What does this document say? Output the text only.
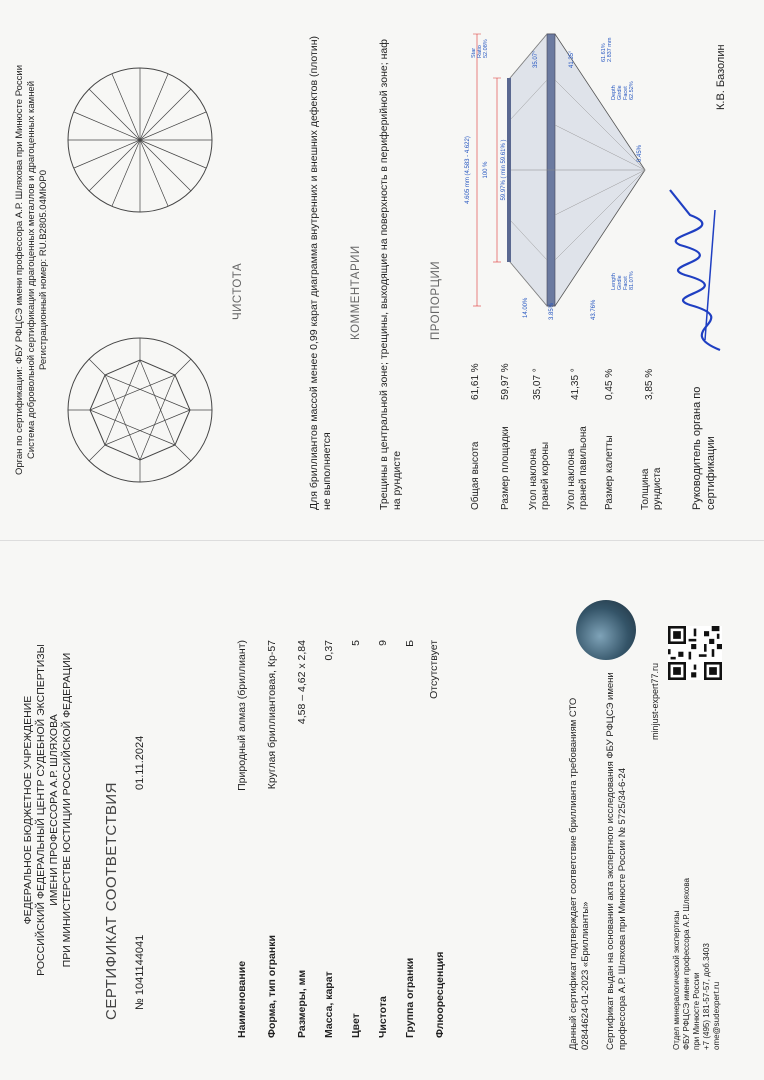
Орган по сертификации: ФБУ РФЦСЭ имени профессора А.Р. Шляхова при Минюсте России Система добровольной сертификации драгоценных металлов и драгоценных камней Регистрационный номер: RU.B2805.04МЮР0	ЧИСТОТА	Для бриллиантов массой менее 0,99 карат диаграмма внутренних и внешних дефектов (плотин) не выполняется
КОММЕНТАРИИ Трещины в центральной зоне; трещины, выходящие на поверхность в периферийной зоне; наф на рундисте
ПРОПОРЦИИ
Общая высота
61,61 %
Размер площадки
59,97 %
Угол наклона граней короны
35,07 °
Угол наклона граней павильона
41,35 °
Размер калетты
0,45 %
Толщина рундиста
3,85 %
4.605 mm (4.583 - 4.622) 100 % 59.97% ( min 59.61% )
14.00%
35.07°	41.35°
3.85%	43.76%
0.45%
Length Girdle Facet 81.07%
Star Ratio 52.08%
Depth Girdle Facet 62.52%
61.61% 2.837 mm
Руководитель органа по сертификации
К.В. Базолин
ФЕДЕРАЛЬНОЕ БЮДЖЕТНОЕ УЧРЕЖДЕНИЕ РОССИЙСКИЙ ФЕДЕРАЛЬНЫЙ ЦЕНТР СУДЕБНОЙ ЭКСПЕРТИЗЫ ИМЕНИ ПРОФЕССОРА А.Р. ШЛЯХОВА ПРИ МИНИСТЕРСТВЕ ЮСТИЦИИ РОССИЙСКОЙ ФЕДЕРАЦИИ СЕРТИФИКАТ СООТВЕТСТВИЯ № 1041144041
01.11.2024
Наименование
Природный алмаз (бриллиант)
Форма, тип огранки
Круглая бриллиантовая, Кр-57
Размеры, мм
4,58 – 4,62 х 2,84
Масса, карат
0,37
Цвет
5
Чистота
9
Группа огранки
Б
Флюоресценция
Отсутствует
Данный сертификат подтверждает соответствие бриллианта требованиям СТО 02844624-01-2023 «Бриллианты» Сертификат выдан на основании акта экспертного исследования ФБУ РФЦСЭ имени профессора А.Р. Шляхова при Минюсте России № 5725/34-6-24
minjust-expert77.ru
Отдел минералогической экспертизы ФБУ РФЦСЭ имени профессора А.Р. Шляхова при Минюсте России +7 (495) 181-57-57, доб.3403 ome@sudexpert.ru
